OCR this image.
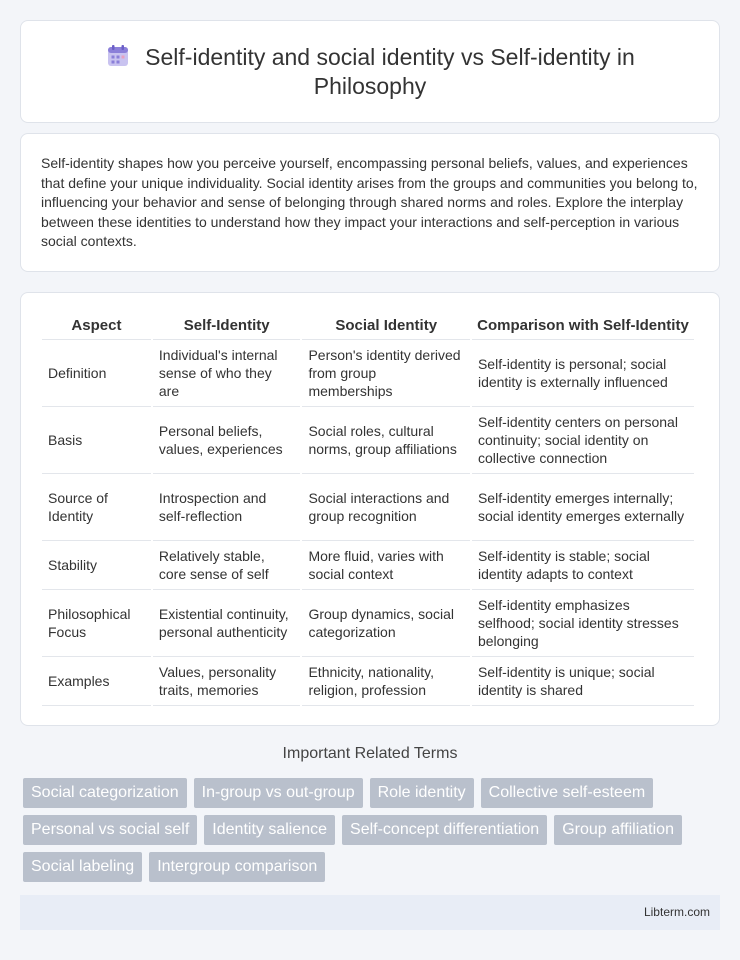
Self-identity and social identity vs Self-identity in Philosophy

Self-identity shapes how you perceive yourself, encompassing personal beliefs, values, and experiences that define your unique individuality. Social identity arises from the groups and communities you belong to, influencing your behavior and sense of belonging through shared norms and roles. Explore the interplay between these identities to understand how they impact your interactions and self-perception in various social contexts.

Aspect	Self-Identity	Social Identity	Comparison with Self-Identity
Definition	Individual's internal sense of who they are	Person's identity derived from group memberships	Self-identity is personal; social identity is externally influenced
Basis	Personal beliefs, values, experiences	Social roles, cultural norms, group affiliations	Self-identity centers on personal continuity; social identity on collective connection
Source of Identity	Introspection and self-reflection	Social interactions and group recognition	Self-identity emerges internally; social identity emerges externally
Stability	Relatively stable, core sense of self	More fluid, varies with social context	Self-identity is stable; social identity adapts to context
Philosophical Focus	Existential continuity, personal authenticity	Group dynamics, social categorization	Self-identity emphasizes selfhood; social identity stresses belonging
Examples	Values, personality traits, memories	Ethnicity, nationality, religion, profession	Self-identity is unique; social identity is shared
Important Related Terms
Social categorization	In-group vs out-group	Role identity	Collective self-esteem
Personal vs social self	Identity salience	Self-concept differentiation	Group affiliation
Social labeling	Intergroup comparison
Libterm.com
